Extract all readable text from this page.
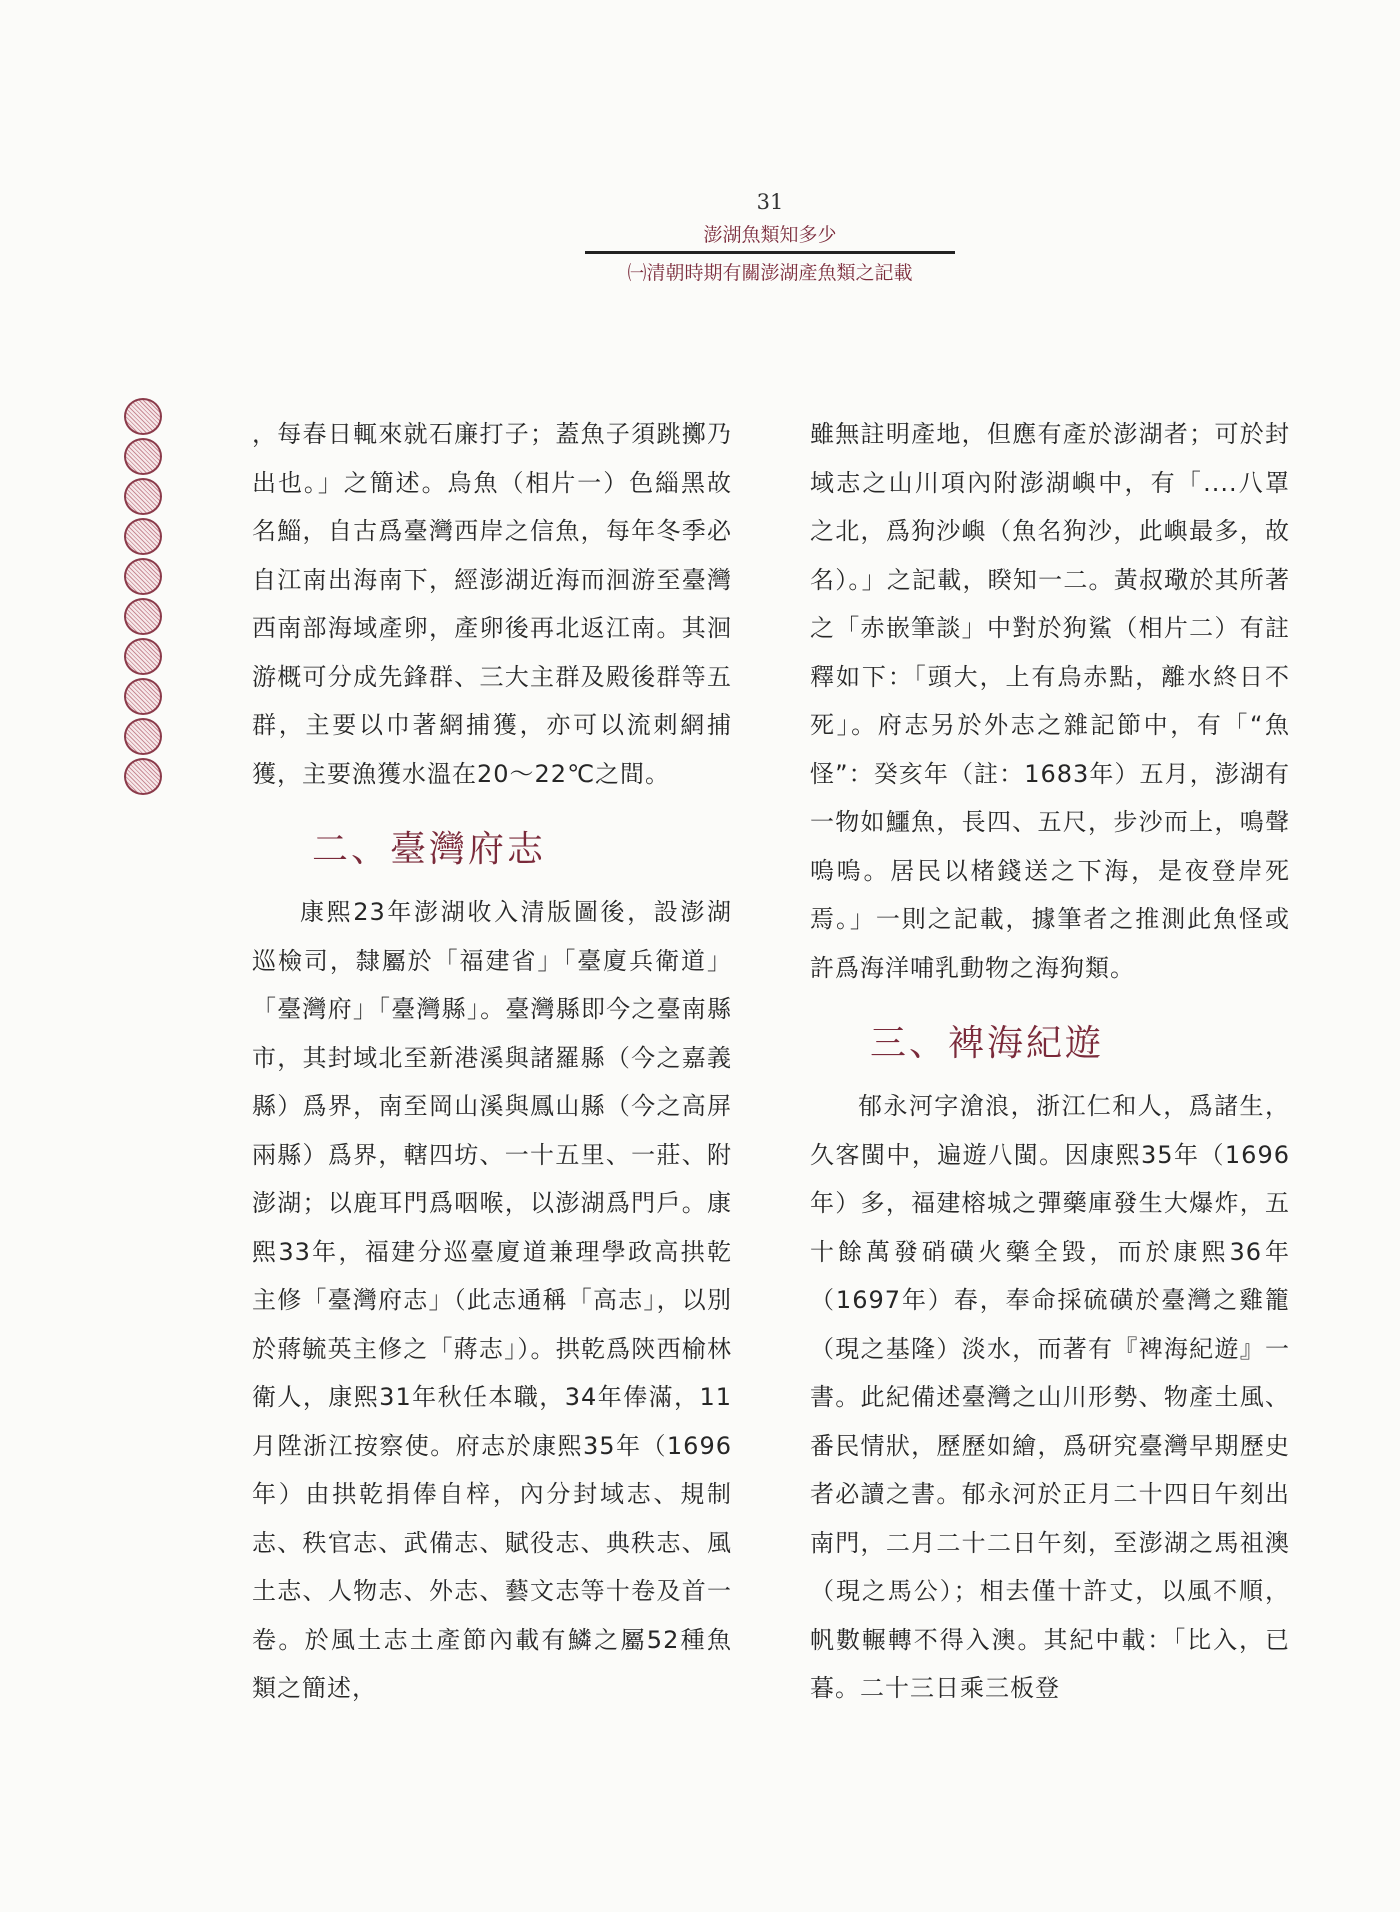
31
澎湖魚類知多少
㈠清朝時期有關澎湖產魚類之記載

，每春日輒來就石廉打子；蓋魚子須跳擲乃出也。」之簡述。烏魚（相片一）色緇黑故名鯔，自古爲臺灣西岸之信魚，每年冬季必自江南出海南下，經澎湖近海而洄游至臺灣西南部海域產卵，產卵後再北返江南。其洄游概可分成先鋒群、三大主群及殿後群等五群，主要以巾著網捕獲，亦可以流刺網捕獲，主要漁獲水溫在20～22℃之間。

二、臺灣府志

康熙23年澎湖收入清版圖後，設澎湖巡檢司，隸屬於「福建省」「臺廈兵衛道」「臺灣府」「臺灣縣」。臺灣縣即今之臺南縣市，其封域北至新港溪與諸羅縣（今之嘉義縣）爲界，南至岡山溪與鳳山縣（今之高屏兩縣）爲界，轄四坊、一十五里、一莊、附澎湖；以鹿耳門爲咽喉，以澎湖爲門戶。康熙33年，福建分巡臺廈道兼理學政高拱乾主修「臺灣府志」（此志通稱「高志」，以別於蔣毓英主修之「蔣志」）。拱乾爲陝西榆林衛人，康熙31年秋任本職，34年俸滿，11月陞浙江按察使。府志於康熙35年（1696年）由拱乾捐俸自梓，內分封域志、規制志、秩官志、武備志、賦役志、典秩志、風土志、人物志、外志、藝文志等十卷及首一卷。於風土志土產節內載有鱗之屬52種魚類之簡述，

雖無註明產地，但應有產於澎湖者；可於封域志之山川項內附澎湖嶼中，有「....八罩之北，爲狗沙嶼（魚名狗沙，此嶼最多，故名）。」之記載，睽知一二。黃叔璥於其所著之「赤嵌筆談」中對於狗鯊（相片二）有註釋如下：「頭大，上有烏赤點，離水終日不死」。府志另於外志之雜記節中，有「“魚怪”：癸亥年（註：1683年）五月，澎湖有一物如鱷魚，長四、五尺，步沙而上，鳴聲嗚嗚。居民以楮錢送之下海，是夜登岸死焉。」一則之記載，據筆者之推測此魚怪或許爲海洋哺乳動物之海狗類。

三、裨海紀遊

郁永河字滄浪，浙江仁和人，爲諸生，久客閩中，遍遊八閩。因康熙35年（1696年）多，福建榕城之彈藥庫發生大爆炸，五十餘萬發硝磺火藥全毀，而於康熙36年（1697年）春，奉命採硫磺於臺灣之雞籠（現之基隆）淡水，而著有『裨海紀遊』一書。此紀備述臺灣之山川形勢、物產土風、番民情狀，歷歷如繪，爲研究臺灣早期歷史者必讀之書。郁永河於正月二十四日午刻出南門，二月二十二日午刻，至澎湖之馬祖澳（現之馬公）；相去僅十許丈，以風不順，帆數輾轉不得入澳。其紀中載：「比入，已暮。二十三日乘三板登
